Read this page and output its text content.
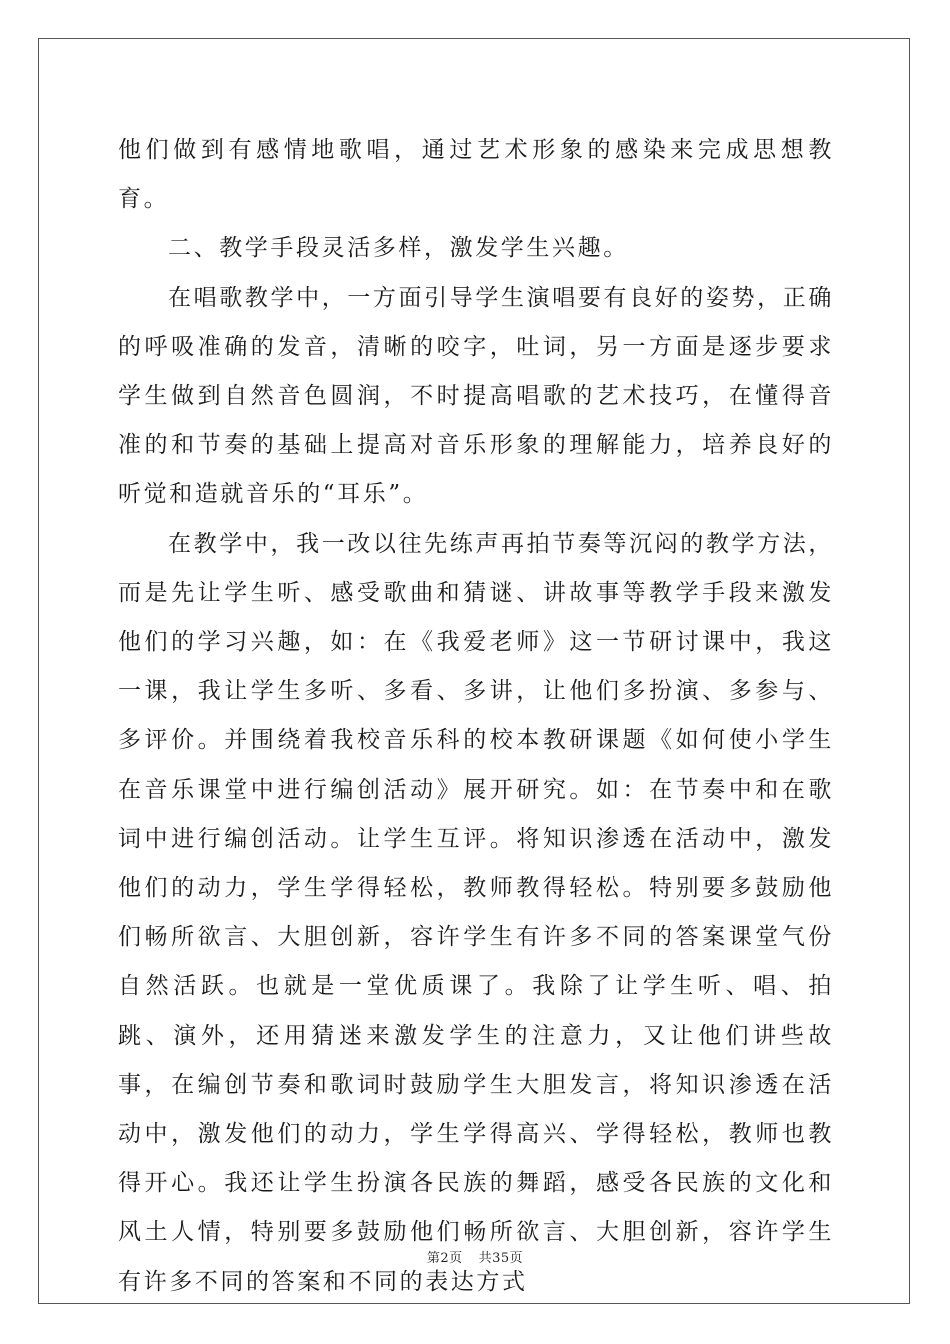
他们做到有感情地歌唱，通过艺术形象的感染来完成思想教育。

二、教学手段灵活多样，激发学生兴趣。

在唱歌教学中，一方面引导学生演唱要有良好的姿势，正确的呼吸准确的发音，清晰的咬字，吐词，另一方面是逐步要求学生做到自然音色圆润，不时提高唱歌的艺术技巧，在懂得音准的和节奏的基础上提高对音乐形象的理解能力，培养良好的听觉和造就音乐的“耳乐”。

在教学中，我一改以往先练声再拍节奏等沉闷的教学方法，而是先让学生听、感受歌曲和猜谜、讲故事等教学手段来激发他们的学习兴趣，如：在《我爱老师》这一节研讨课中，我这一课，我让学生多听、多看、多讲，让他们多扮演、多参与、多评价。并围绕着我校音乐科的校本教研课题《如何使小学生在音乐课堂中进行编创活动》展开研究。如：在节奏中和在歌词中进行编创活动。让学生互评。将知识渗透在活动中，激发他们的动力，学生学得轻松，教师教得轻松。特别要多鼓励他们畅所欲言、大胆创新，容许学生有许多不同的答案课堂气份自然活跃。也就是一堂优质课了。我除了让学生听、唱、拍跳、演外，还用猜迷来激发学生的注意力，又让他们讲些故事，在编创节奏和歌词时鼓励学生大胆发言，将知识渗透在活动中，激发他们的动力，学生学得高兴、学得轻松，教师也教得开心。我还让学生扮演各民族的舞蹈，感受各民族的文化和风土人情，特别要多鼓励他们畅所欲言、大胆创新，容许学生有许多不同的答案和不同的表达方式

第2页 共35页
